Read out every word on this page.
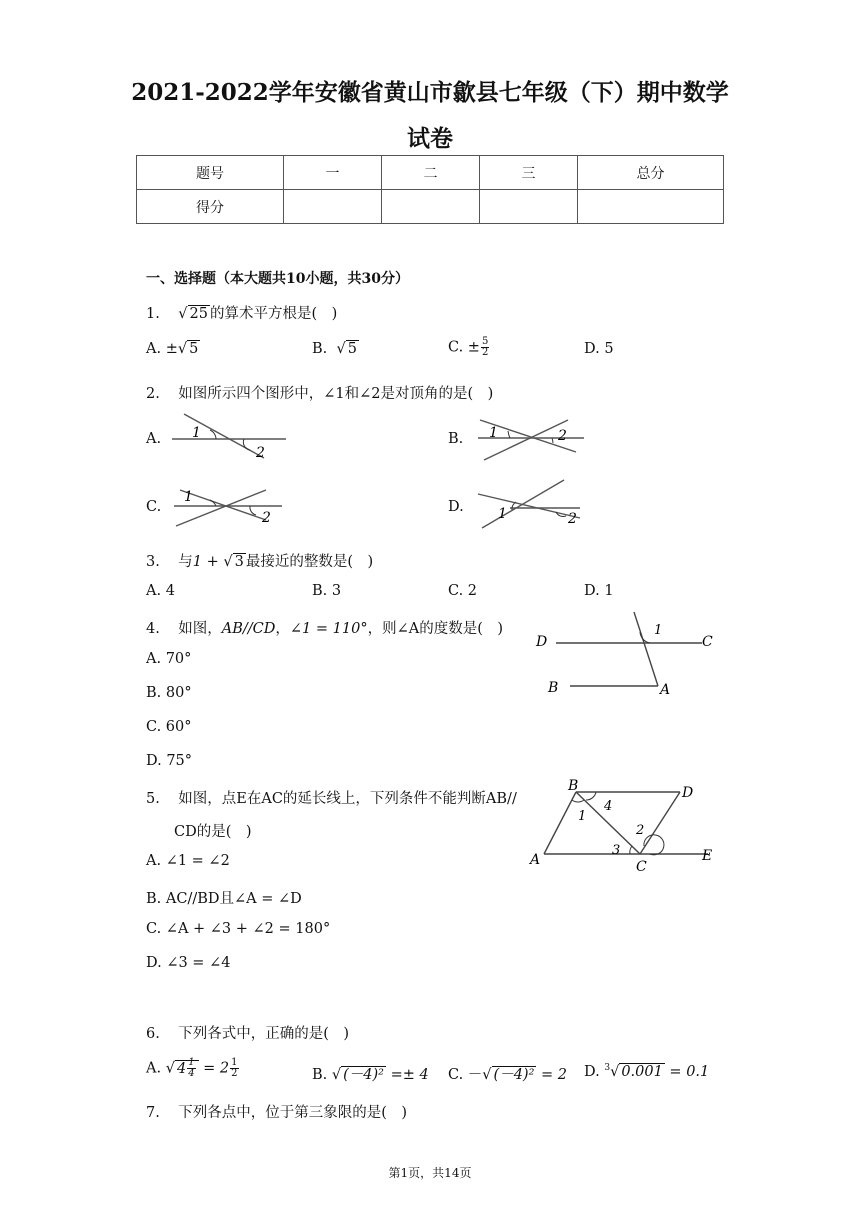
2021-2022学年安徽省黄山市歙县七年级（下）期中数学
试卷
题号	一	二	三	总分
得分				
一、选择题（本大题共10小题，共30分）
1.    √ 25 的算术平方根是( )
A. ±√ 5	B.  √ 5	C. ± $\frac{5}{2}$	D. 5
2. 如图所示四个图形中，∠1和∠2是对顶角的是( )
A. 1
2
B. 1	2
C.
1
2
D. 1	2
3. 与1 + √ 3 最接近的整数是( )
A. 4	B. 3	C. 2	D. 1
4. 如图，AB//CD，∠1 = 110°，则∠A的度数是( )
A. 70°
B. 80°
C. 60°
D. 75°
D	C
B	A
1
5. 如图，点E在AC的延长线上，下列条件不能判断AB//
CD的是( )
A. ∠1 = ∠2
B. AC//BD且∠A = ∠D
C. ∠A + ∠3 + ∠2 = 180°
D. ∠3 = ∠4
B	D
A	C
E
1
4
2
3
6. 下列各式中，正确的是( )
A. √ $4 \frac{1}{4} = 2 \frac{1}{2}$	B. √ (－4)² =± 4 C. －√ (－4)² = 2 D. $^3$√ 0.001 = 0.1
7. 下列各点中，位于第三象限的是( )
第1页，共14页
